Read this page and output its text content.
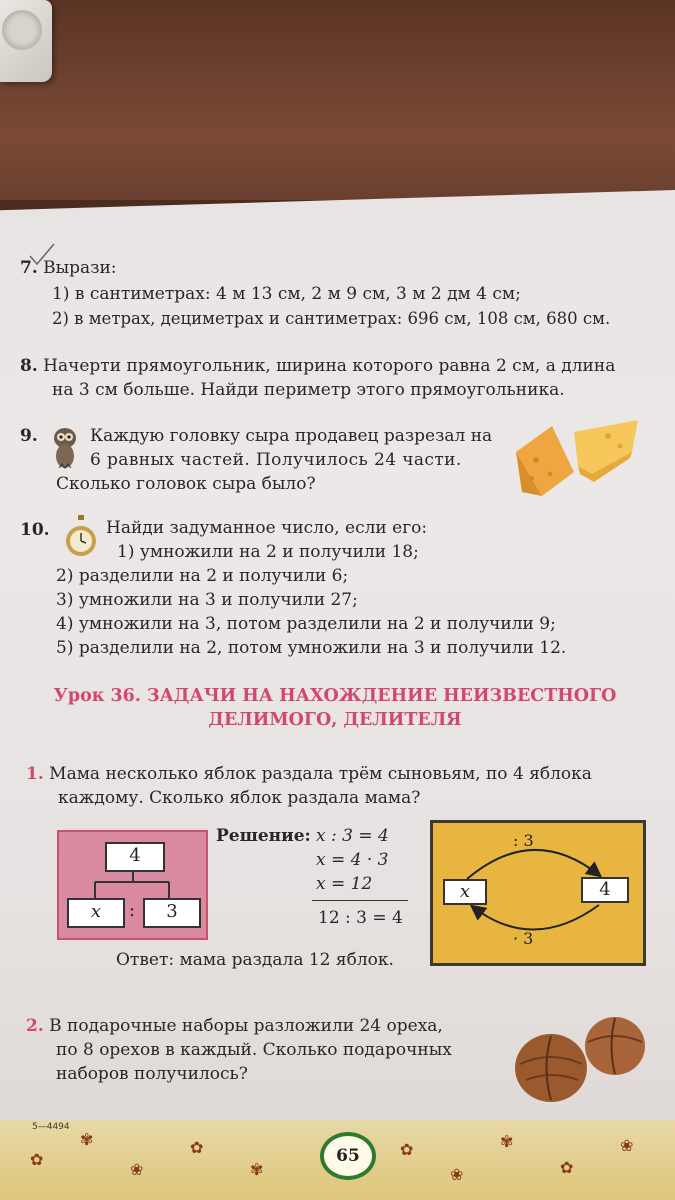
7. Вырази:
1) в сантиметрах: 4 м 13 см, 2 м 9 см, 3 м 2 дм 4 см;
2) в метрах, дециметрах и сантиметрах: 696 см, 108 см, 680 см.
8. Начерти прямоугольник, ширина которого равна 2 см, а длина
на 3 см больше. Найди периметр этого прямоугольника.
9.	Каждую головку сыра продавец разрезал на
6 равных частей. Получилось 24 части.
Сколько головок сыра было?
10.	Найди задуманное число, если его:
1) умножили на 2 и получили 18;
2) разделили на 2 и получили 6;
3) умножили на 3 и получили 27;
4) умножили на 3, потом разделили на 2 и получили 9;
5) разделили на 2, потом умножили на 3 и получили 12.
Урок 36. ЗАДАЧИ НА НАХОЖДЕНИЕ НЕИЗВЕСТНОГО
ДЕЛИМОГО, ДЕЛИТЕЛЯ
1. Мама несколько яблок раздала трём сыновьям, по 4 яблока
каждому. Сколько яблок раздала мама?
4
x	:	3
Решение: x : 3 = 4
x = 4 · 3
x = 12
12 : 3 = 4
Ответ: мама раздала 12 яблок.
: 3
x	4
· 3
2. В подарочные наборы разложили 24 ореха,
по 8 орехов в каждый. Сколько подарочных
наборов получилось?
✿
✾
❀
✿
✾
✿
❀
✾
✿
❀
5—4494
65
